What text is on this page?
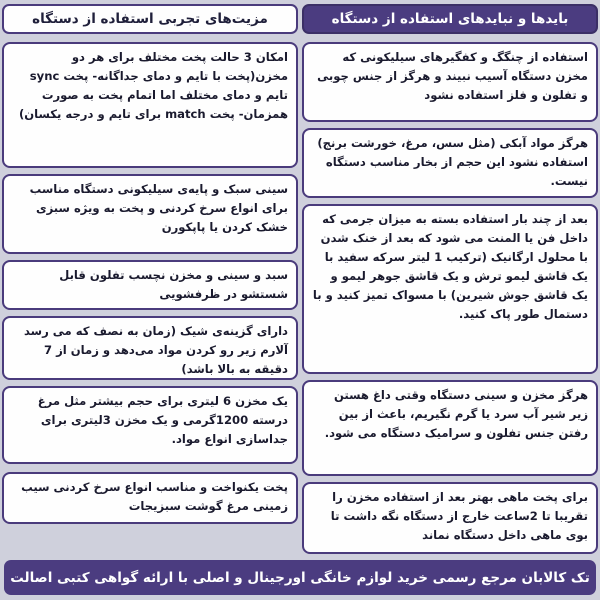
مزیت‌های تجربی استفاده از دستگاه	بایدها و نبایدهای استفاده از دستگاه
امکان 3 حالت پخت مختلف برای هر دو مخزن(پخت با تایم و دمای جداگانه- پخت sync تایم و دمای مختلف اما اتمام پخت به صورت همزمان- پخت match برای تایم و درجه یکسان)
سینی سبک و پایه‌ی سیلیکونی دستگاه مناسب برای انواع سرخ کردنی و پخت به ویژه سبزی خشک کردن یا پاپکورن
سبد و سینی و مخزن نچسب تفلون قابل شستشو در ظرفشویی
دارای گزینه‌ی شیک (زمان به نصف که می رسد آلارم زیر رو کردن مواد می‌دهد و زمان از 7 دقیقه به بالا باشد)
یک مخزن 6 لیتری برای حجم بیشتر مثل مرغ درسته 1200گرمی و یک مخزن 3لیتری برای جداسازی انواع مواد.
پخت یکنواخت و مناسب انواع سرخ کردنی سیب زمینی مرغ گوشت سبزیجات
استفاده از چنگگ و کفگیرهای سیلیکونی که مخزن دستگاه آسیب نبیند و هرگز از جنس چوبی و تفلون و فلز استفاده نشود
هرگز مواد آبکی (مثل سس، مرغ، خورشت برنج) استفاده نشود این حجم از بخار مناسب دستگاه نیست.
بعد از چند بار استفاده بسته به میزان جرمی که داخل فن یا المنت می شود که بعد از خنک شدن با محلول ارگانیک (ترکیب 1 لیتر سرکه سفید با یک قاشق لیمو ترش و یک قاشق جوهر لیمو و یک قاشق جوش شیرین) با مسواک تمیز کنید و با دستمال طور پاک کنید.
هرگز مخزن و سینی دستگاه وقتی داغ هستن زیر شیر آب سرد یا گرم نگیریم، باعث از بین رفتن جنس تفلون و سرامیک دستگاه می شود.
برای پخت ماهی بهتر بعد از استفاده مخزن را تقریبا تا 2ساعت خارج از دستگاه نگه داشت تا بوی ماهی داخل دستگاه نماند
تک کالابان مرجع رسمی خرید لوازم خانگی اورجینال و اصلی با ارائه گواهی کتبی اصالت
